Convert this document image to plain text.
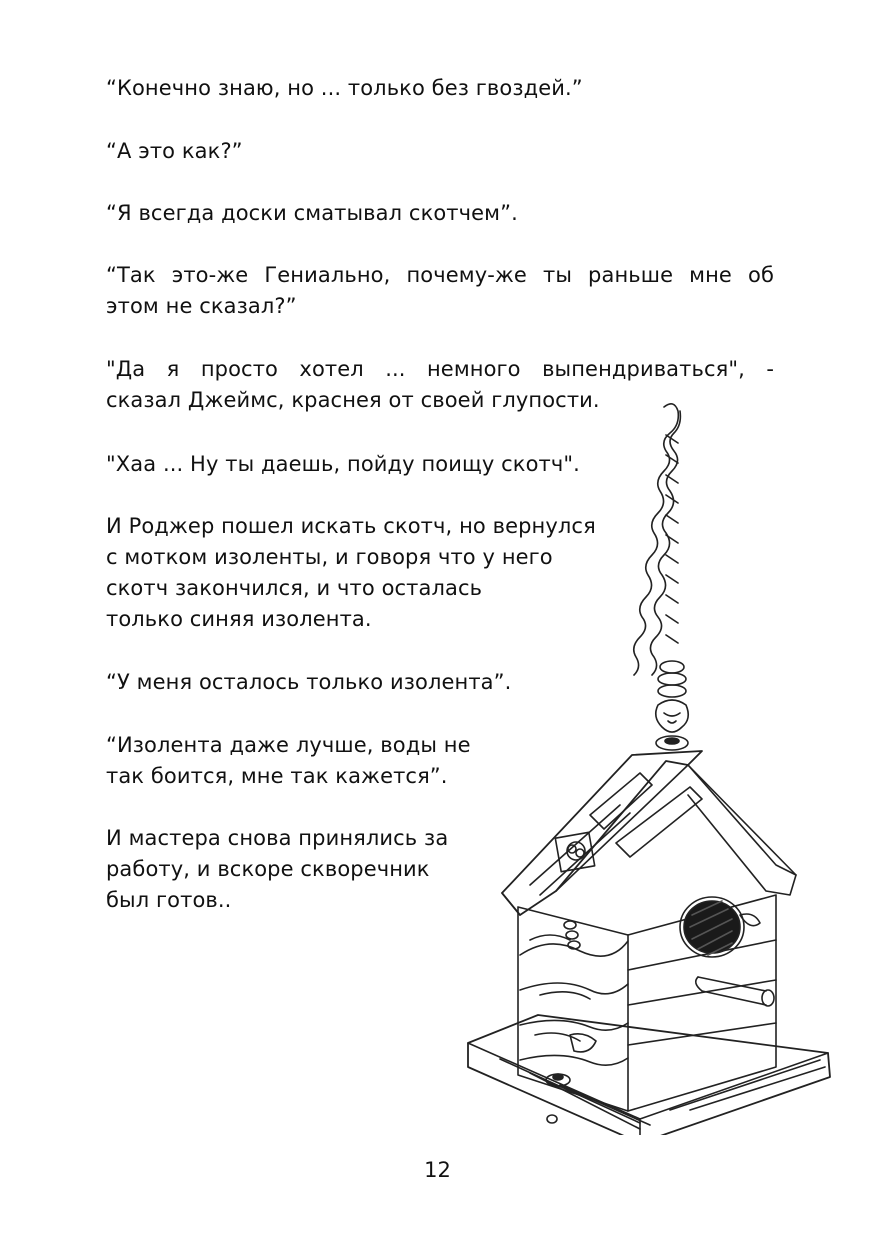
“Конечно знаю, но ... только без гвоздей.”

“А это как?”

“Я всегда доски сматывал скотчем”.

“Так это-же Гениально, почему-же ты раньше мне об
этом не сказал?”

"Да я просто хотел ... немного выпендриваться", -
сказал Джеймс, краснея от своей глупости.

"Хаа ... Ну ты даешь, пойду поищу скотч".

И Роджер пошел искать скотч, но вернулся
с мотком изоленты, и говоря что у него
скотч закончился, и что осталась
только синяя изолента.

“У меня осталось только изолента”.

“Изолента даже лучше, воды не
так боится, мне так кажется”.

И мастера снова принялись за
работу, и вскоре скворечник
был готов..

12
